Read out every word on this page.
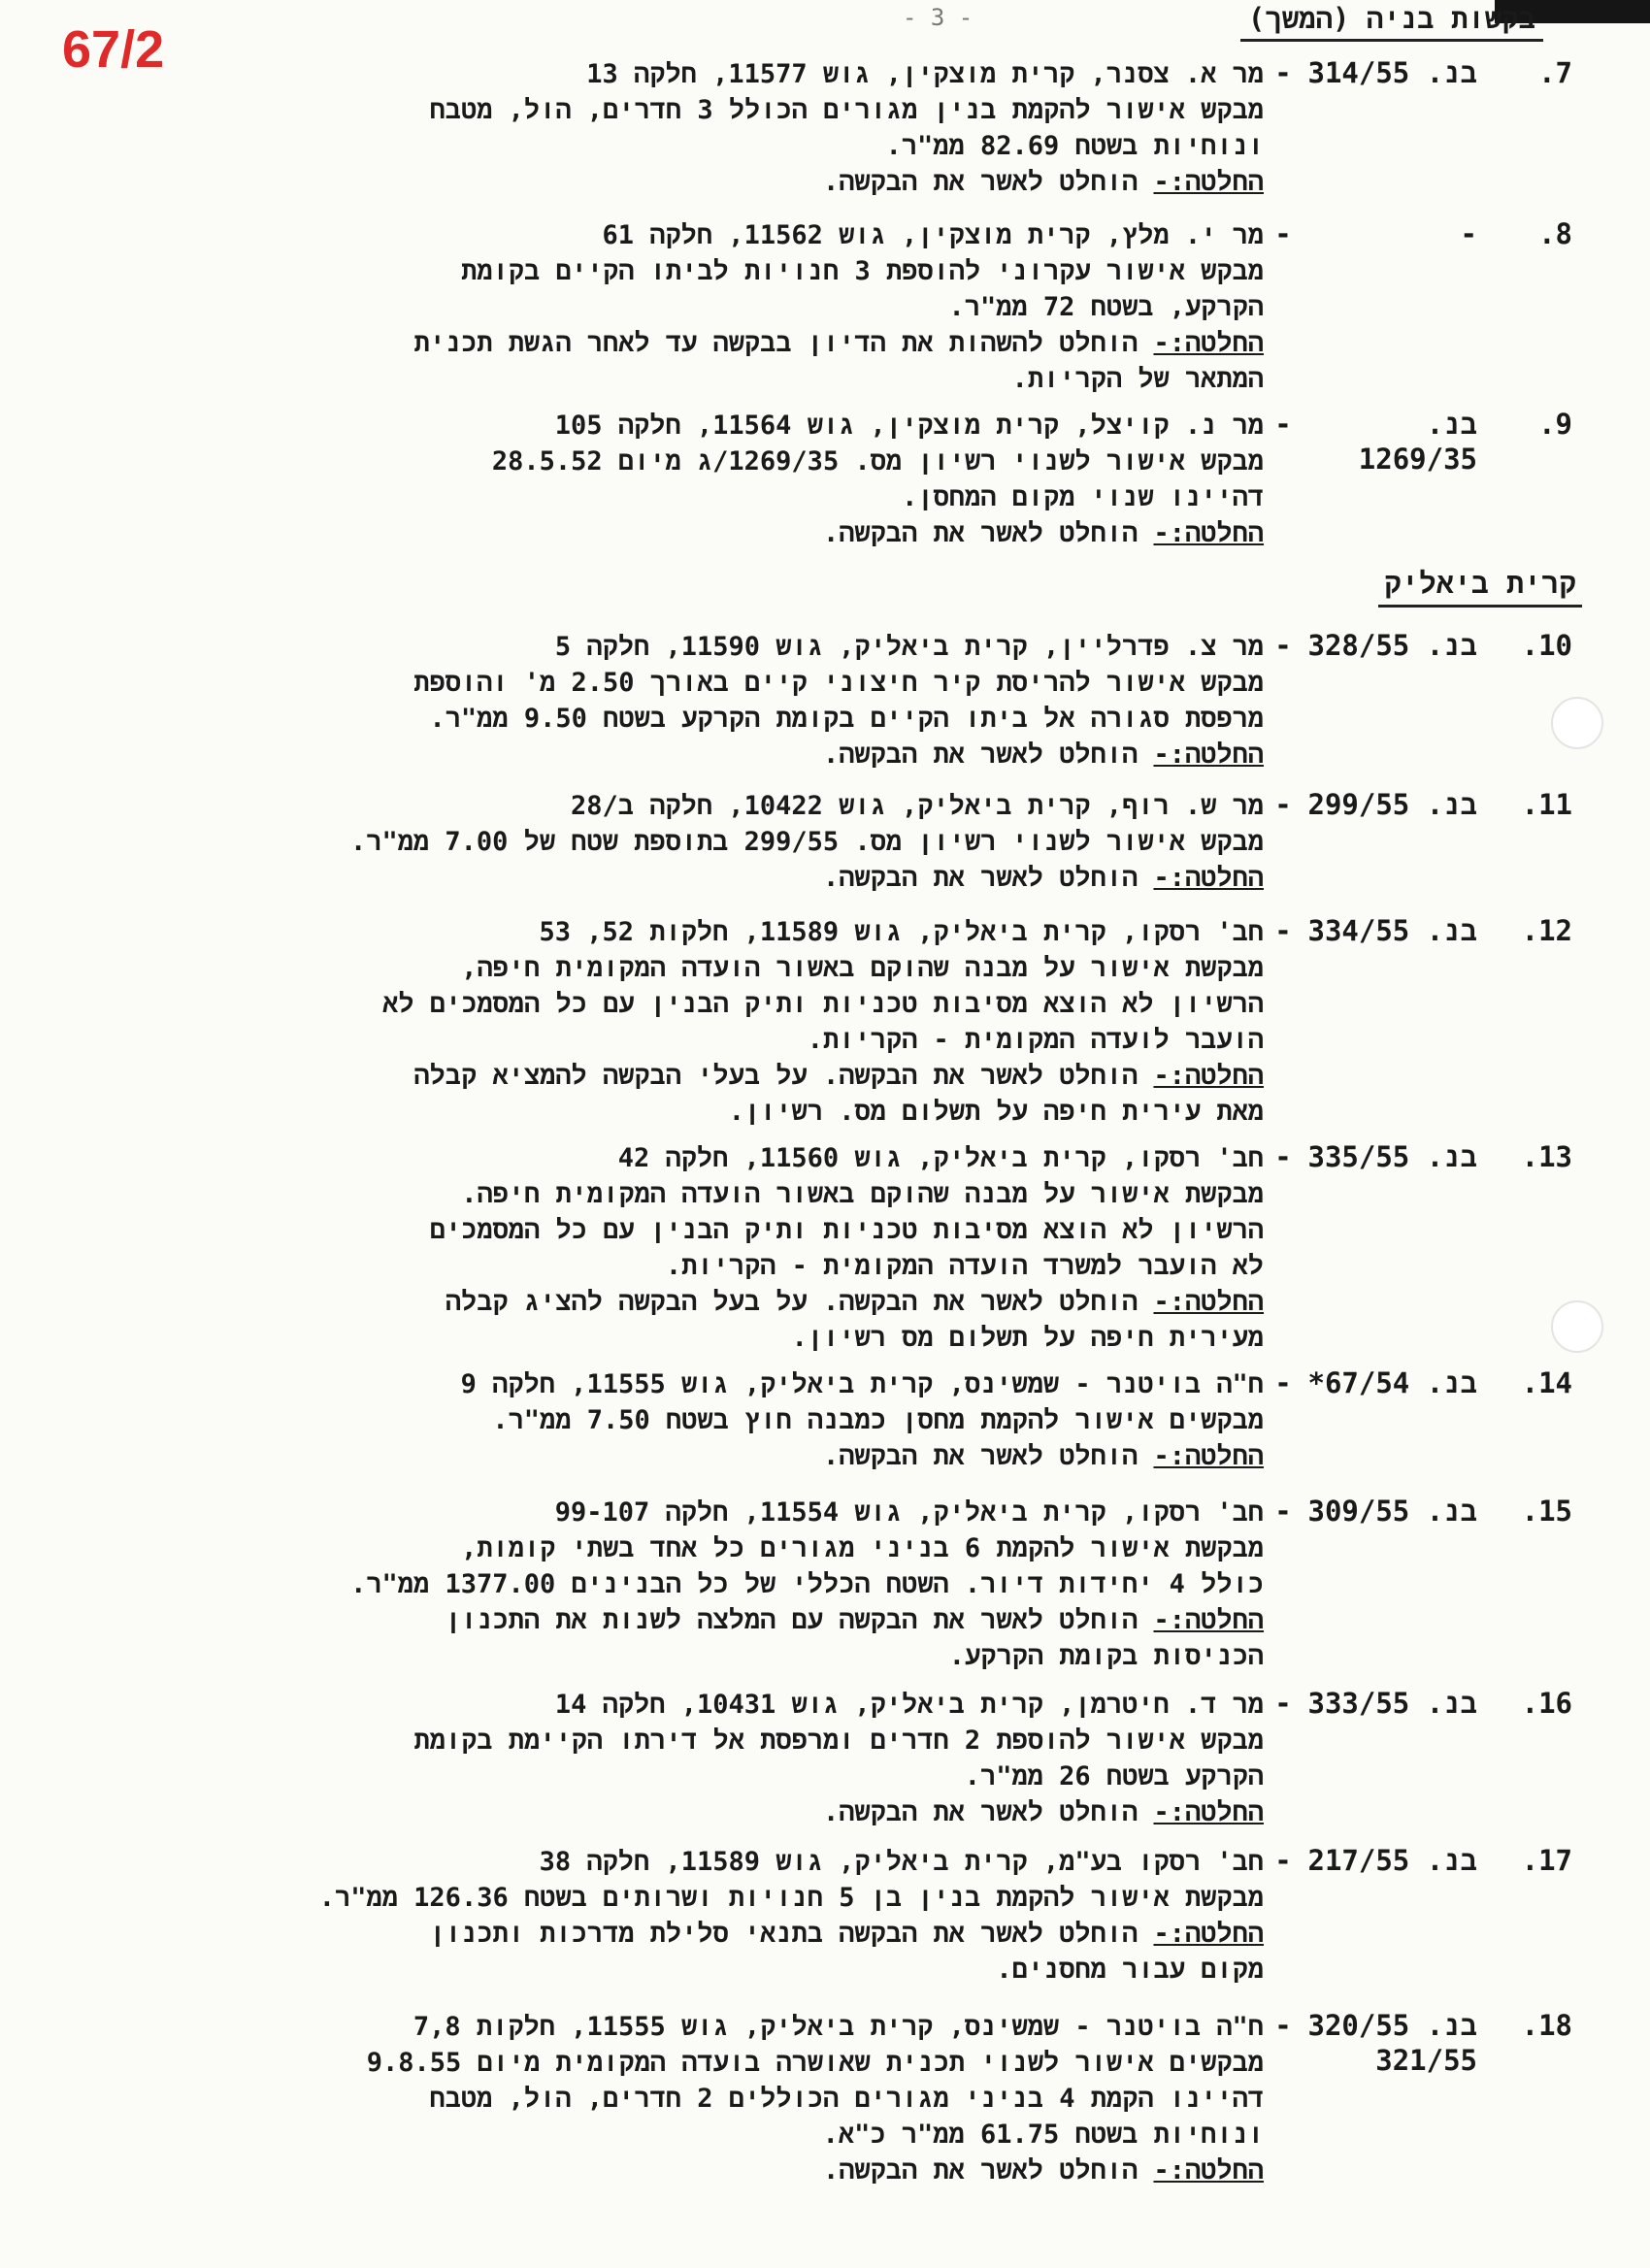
67/2
- 3 -	בקשות בניה (המשך)
קרית ביאליק
.7
בנ. 314/55
-
מר א. צסנר, קרית מוצקין, גוש 11577, חלקה 13
מבקש אישור להקמת בנין מגורים הכולל 3 חדרים, הול, מטבח
ונוחיות בשטח 82.69 ממ"ר.
החלטה:- הוחלט לאשר את הבקשה.
.8
-
-
מר י. מלץ, קרית מוצקין, גוש 11562, חלקה 61
מבקש אישור עקרוני להוספת 3 חנויות לביתו הקיים בקומת
הקרקע, בשטח 72 ממ"ר.
החלטה:- הוחלט להשהות את הדיון בבקשה עד לאחר הגשת תכנית
המתאר של הקריות.
.9
בנ. 1269/35
-
מר נ. קויצל, קרית מוצקין, גוש 11564, חלקה 105
מבקש אישור לשנוי רשיון מס. 1269/35/ג מיום 28.5.52
דהיינו שנוי מקום המחסן.
החלטה:- הוחלט לאשר את הבקשה.
.10
בנ. 328/55
-
מר צ. פדרליין, קרית ביאליק, גוש 11590, חלקה 5
מבקש אישור להריסת קיר חיצוני קיים באורך 2.50 מ' והוספת
מרפסת סגורה אל ביתו הקיים בקומת הקרקע בשטח 9.50 ממ"ר.
החלטה:- הוחלט לאשר את הבקשה.
.11
בנ. 299/55
-
מר ש. רוף, קרית ביאליק, גוש 10422, חלקה ב/28
מבקש אישור לשנוי רשיון מס. 299/55 בתוספת שטח של 7.00 ממ"ר.
החלטה:- הוחלט לאשר את הבקשה.
.12
בנ. 334/55
-
חב' רסקו, קרית ביאליק, גוש 11589, חלקות 52, 53
מבקשת אישור על מבנה שהוקם באשור הועדה המקומית חיפה,
הרשיון לא הוצא מסיבות טכניות ותיק הבנין עם כל המסמכים לא
הועבר לועדה המקומית - הקריות.
החלטה:- הוחלט לאשר את הבקשה. על בעלי הבקשה להמציא קבלה
מאת עירית חיפה על תשלום מס. רשיון.
.13
בנ. 335/55
-
חב' רסקו, קרית ביאליק, גוש 11560, חלקה 42
מבקשת אישור על מבנה שהוקם באשור הועדה המקומית חיפה.
הרשיון לא הוצא מסיבות טכניות ותיק הבנין עם כל המסמכים
לא הועבר למשרד הועדה המקומית - הקריות.
החלטה:- הוחלט לאשר את הבקשה. על בעל הבקשה להציג קבלה
מעירית חיפה על תשלום מס רשיון.
.14
בנ. 67/54*
-
ח"ה בויטנר - שמשינס, קרית ביאליק, גוש 11555, חלקה 9
מבקשים אישור להקמת מחסן כמבנה חוץ בשטח 7.50 ממ"ר.
החלטה:- הוחלט לאשר את הבקשה.
.15
בנ. 309/55
-
חב' רסקו, קרית ביאליק, גוש 11554, חלקה 99-107
מבקשת אישור להקמת 6 בניני מגורים כל אחד בשתי קומות,
כולל 4 יחידות דיור. השטח הכללי של כל הבנינים 1377.00 ממ"ר.
החלטה:- הוחלט לאשר את הבקשה עם המלצה לשנות את התכנון
הכניסות בקומת הקרקע.
.16
בנ. 333/55
-
מר ד. חיטרמן, קרית ביאליק, גוש 10431, חלקה 14
מבקש אישור להוספת 2 חדרים ומרפסת אל דירתו הקיימת בקומת
הקרקע בשטח 26 ממ"ר.
החלטה:- הוחלט לאשר את הבקשה.
.17
בנ. 217/55
-
חב' רסקו בע"מ, קרית ביאליק, גוש 11589, חלקה 38
מבקשת אישור להקמת בנין בן 5 חנויות ושרותים בשטח 126.36 ממ"ר.
החלטה:- הוחלט לאשר את הבקשה בתנאי סלילת מדרכות ותכנון
מקום עבור מחסנים.
.18
בנ. 320/55
321/55
-
ח"ה בויטנר - שמשינס, קרית ביאליק, גוש 11555, חלקות 7,8
מבקשים אישור לשנוי תכנית שאושרה בועדה המקומית מיום 9.8.55
דהיינו הקמת 4 בניני מגורים הכוללים 2 חדרים, הול, מטבח
ונוחיות בשטח 61.75 ממ"ר כ"א.
החלטה:- הוחלט לאשר את הבקשה.
